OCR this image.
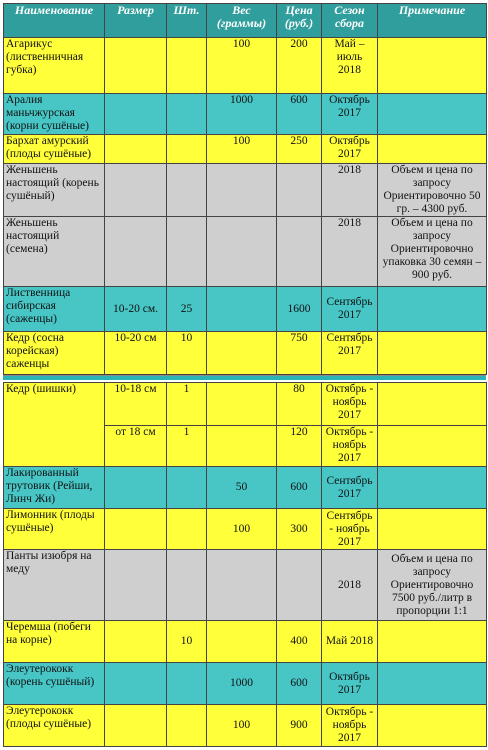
Наименование	Размер	Шт.	Вес (граммы)	Цена (руб.)	Сезон сбора	Примечание
Агарикус (лиственничная губка)			100	200	Май – июль 2018	
Аралия маньчжурская (корни сушёные)			1000	600	Октябрь 2017	
Бархат амурский (плоды сушёные)			100	250	Октябрь 2017	
Женьшень настоящий (корень сушёный)					2018	Объем и цена по запросу Ориентировочно 50 гр. – 4300 руб.
Женьшень настоящий (семена)					2018	Объем и цена по запросу Ориентировочно упаковка 30 семян – 900 руб.
Лиственница сибирская (саженцы)	10-20 см.	25		1600	Сентябрь 2017	
Кедр (сосна корейская) саженцы	10-20 см	10		750	Сентябрь 2017	
Кедр (шишки)	10-18 см	1		80	Октябрь - ноябрь 2017	
	от 18 см	1		120	Октябрь - ноябрь 2017	
Лакированный трутовик (Рейши, Линч Жи)			50	600	Сентябрь 2017	
Лимонник (плоды сушёные)			100	300	Сентябрь - ноябрь 2017	
Панты изюбря на меду					2018	Объем и цена по запросу Ориентировочно 7500 руб./литр в пропорции 1:1
Черемша (побеги на корне)		10		400	Май 2018	
Элеутерококк (корень сушёный)			1000	600	Октябрь 2017	
Элеутерококк (плоды сушёные)			100	900	Октябрь - ноябрь 2017	
